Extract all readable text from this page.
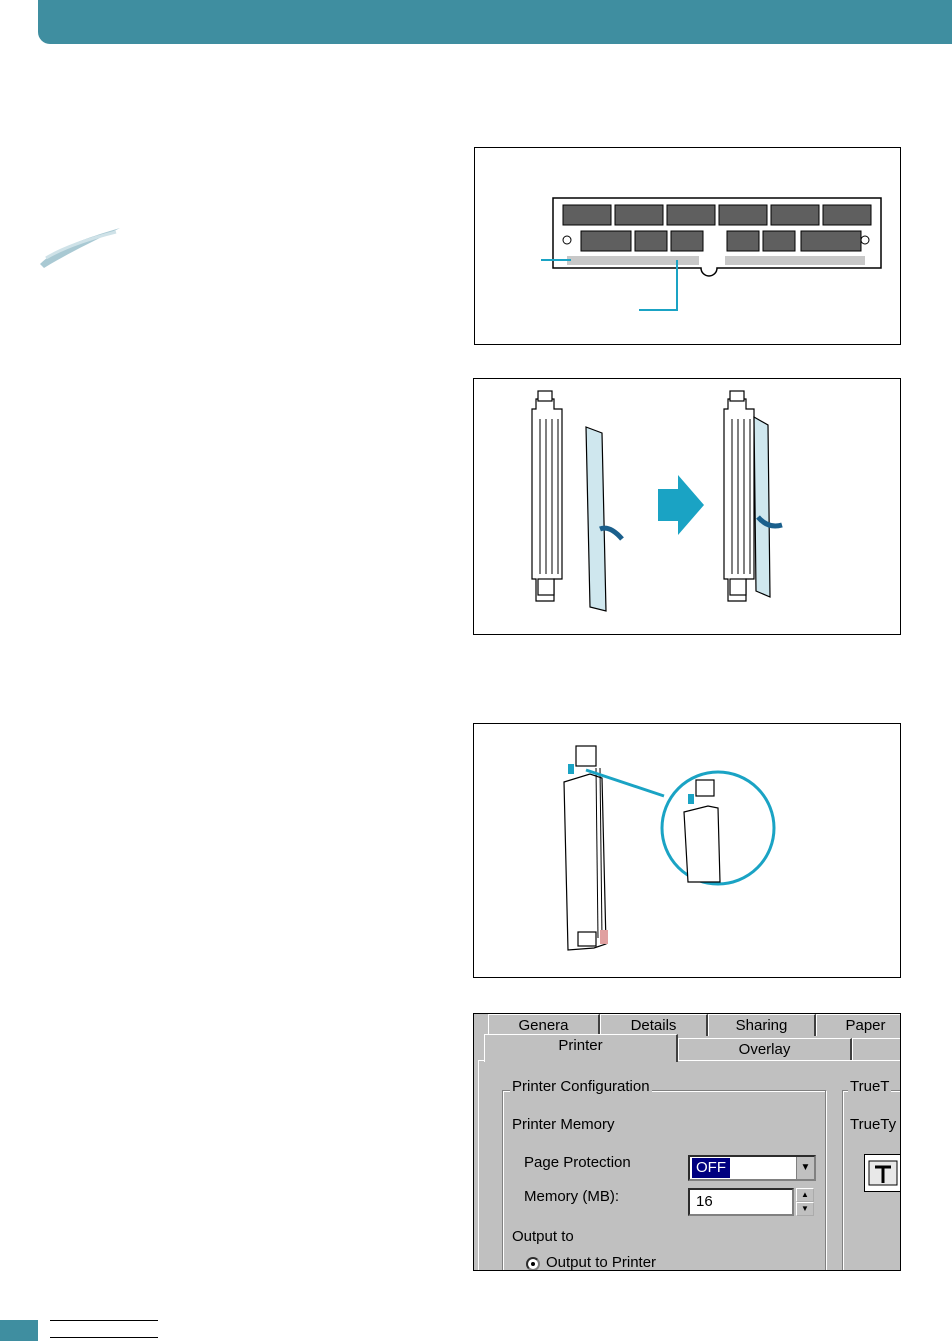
Genera	Details	Sharing	Paper
Printer	Overlay
Printer Configuration
Printer Memory
Page Protection	OFF	▼
Memory (MB):	16	▲
▼
Output to
Output to Printer
TrueT
TrueTy
